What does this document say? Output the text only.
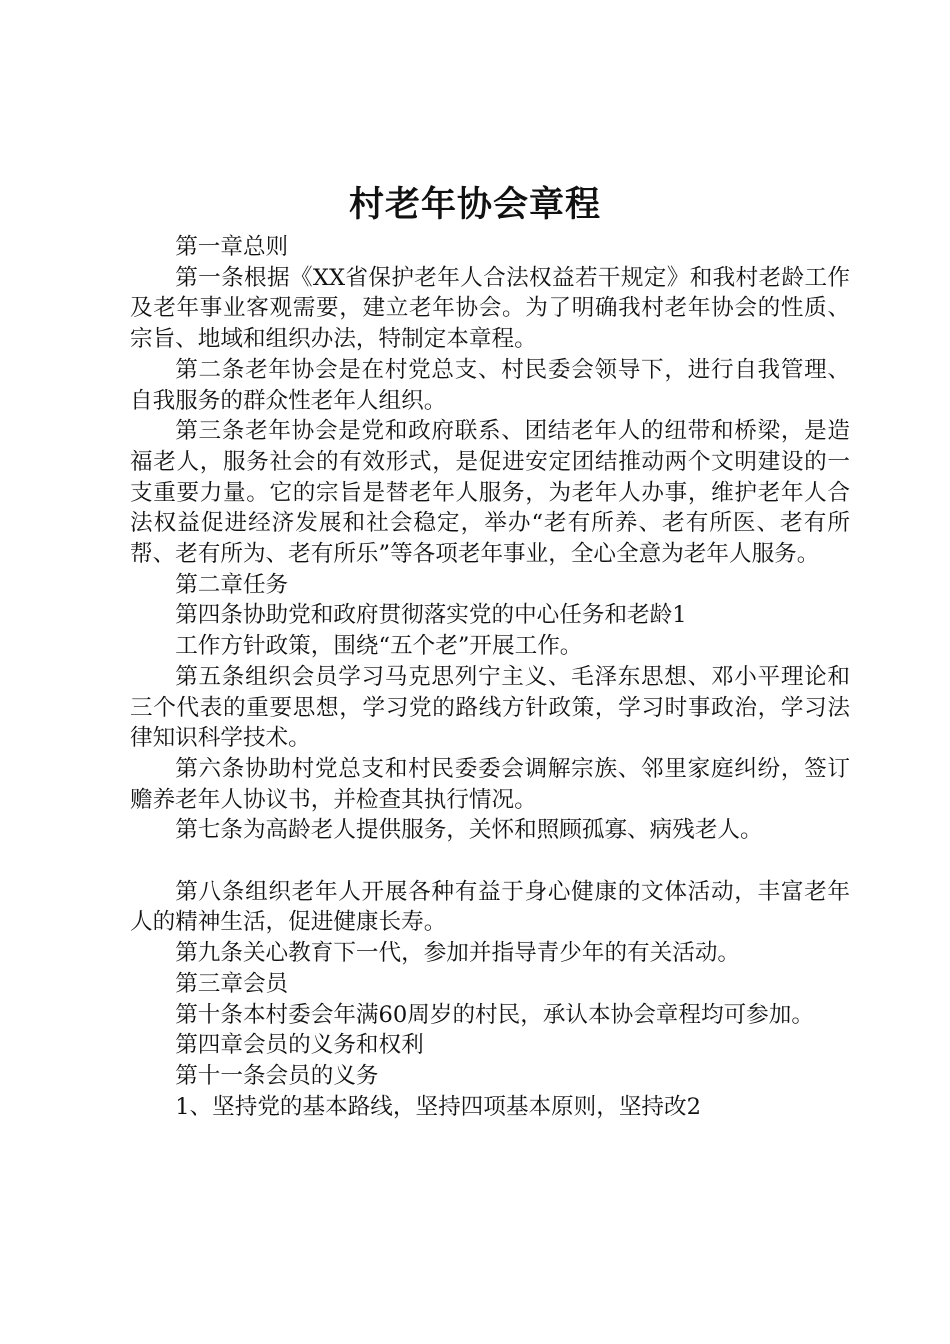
村老年协会章程

第一章总则

第一条根据《XX省保护老年人合法权益若干规定》和我村老龄工作及老年事业客观需要，建立老年协会。为了明确我村老年协会的性质、宗旨、地域和组织办法，特制定本章程。

第二条老年协会是在村党总支、村民委会领导下，进行自我管理、自我服务的群众性老年人组织。

第三条老年协会是党和政府联系、团结老年人的纽带和桥梁，是造福老人，服务社会的有效形式，是促进安定团结推动两个文明建设的一支重要力量。它的宗旨是替老年人服务，为老年人办事，维护老年人合法权益促进经济发展和社会稳定，举办“老有所养、老有所医、老有所帮、老有所为、老有所乐”等各项老年事业，全心全意为老年人服务。

第二章任务

第四条协助党和政府贯彻落实党的中心任务和老龄1

工作方针政策，围绕“五个老”开展工作。

第五条组织会员学习马克思列宁主义、毛泽东思想、邓小平理论和三个代表的重要思想，学习党的路线方针政策，学习时事政治，学习法律知识科学技术。

第六条协助村党总支和村民委委会调解宗族、邻里家庭纠纷，签订赡养老年人协议书，并检查其执行情况。

第七条为高龄老人提供服务，关怀和照顾孤寡、病残老人。

第八条组织老年人开展各种有益于身心健康的文体活动，丰富老年人的精神生活，促进健康长寿。

第九条关心教育下一代，参加并指导青少年的有关活动。

第三章会员

第十条本村委会年满60周岁的村民，承认本协会章程均可参加。

第四章会员的义务和权利

第十一条会员的义务

1、坚持党的基本路线，坚持四项基本原则，坚持改2
